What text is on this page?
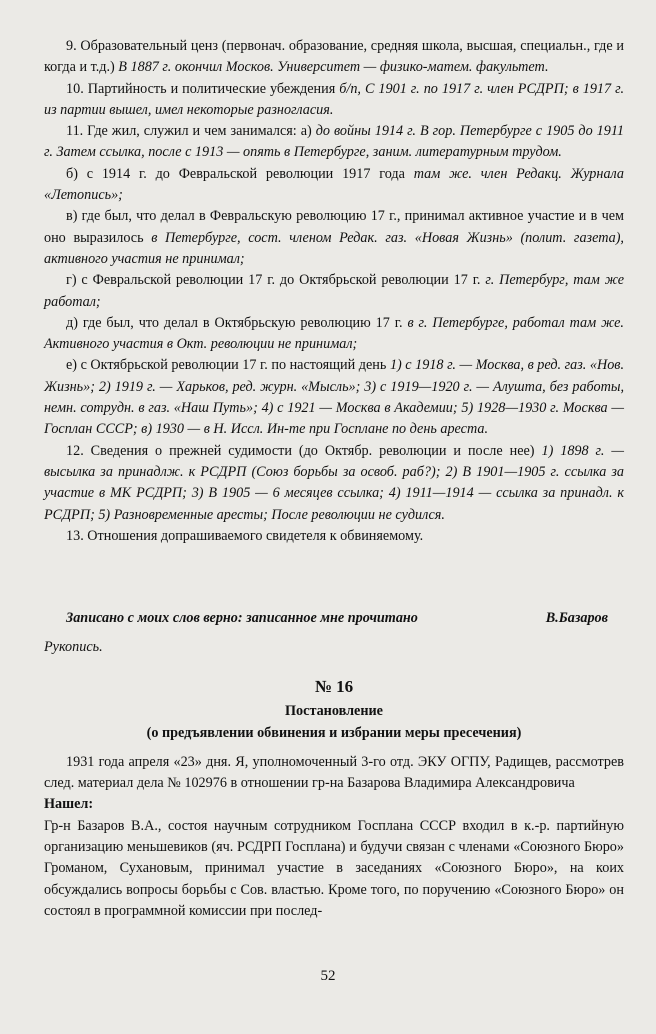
9. Образовательный ценз (первонач. образование, средняя школа, высшая, специальн., где и когда и т.д.) В 1887 г. окончил Москов. Университет — физико-матем. факультет.

10. Партийность и политические убеждения б/п, С 1901 г. по 1917 г. член РСДРП; в 1917 г. из партии вышел, имел некоторые разногласия.

11. Где жил, служил и чем занимался: а) до войны 1914 г. В гор. Петербурге с 1905 до 1911 г. Затем ссылка, после с 1913 — опять в Петербурге, заним. литературным трудом.

б) с 1914 г. до Февральской революции 1917 года там же. член Редакц. Журнала «Летопись»;

в) где был, что делал в Февральскую революцию 17 г., принимал активное участие и в чем оно выразилось в Петербурге, сост. членом Редак. газ. «Новая Жизнь» (полит. газета), активного участия не принимал;

г) с Февральской революции 17 г. до Октябрьской революции 17 г. г. Петербург, там же работал;

д) где был, что делал в Октябрьскую революцию 17 г. в г. Петербурге, работал там же. Активного участия в Окт. революции не принимал;

е) с Октябрьской революции 17 г. по настоящий день 1) с 1918 г. — Москва, в ред. газ. «Нов. Жизнь»; 2) 1919 г. — Харьков, ред. журн. «Мысль»; 3) с 1919—1920 г. — Алушта, без работы, немн. сотрудн. в газ. «Наш Путь»; 4) с 1921 — Москва в Академии; 5) 1928—1930 г. Москва — Госплан СССР; в) 1930 — в Н. Иссл. Ин-те при Госплане по день ареста.

12. Сведения о прежней судимости (до Октябр. революции и после нее) 1) 1898 г. — высылка за принадлж. к РСДРП (Союз борьбы за освоб. раб?); 2) В 1901—1905 г. ссылка за участие в МК РСДРП; 3) В 1905 — 6 месяцев ссылка; 4) 1911—1914 — ссылка за принадл. к РСДРП; 5) Разновременные аресты; После революции не судился.

13. Отношения допрашиваемого свидетеля к обвиняемому.

Записано с моих слов верно: записанное мне прочитано	В.Базаров

Рукопись.

№ 16
Постановление
(о предъявлении обвинения и избрании меры пресечения)

1931 года апреля «23» дня. Я, уполномоченный 3-го отд. ЭКУ ОГПУ, Радищев, рассмотрев след. материал дела № 102976 в отношении гр-на Базарова Владимира Александровича

Нашел:

Гр-н Базаров В.А., состоя научным сотрудником Госплана СССР входил в к.-р. партийную организацию меньшевиков (яч. РСДРП Госплана) и будучи связан с членами «Союзного Бюро» Громаном, Сухановым, принимал участие в заседаниях «Союзного Бюро», на коих обсуждались вопросы борьбы с Сов. властью. Кроме того, по поручению «Союзного Бюро» он состоял в программной комиссии при послед-

52
